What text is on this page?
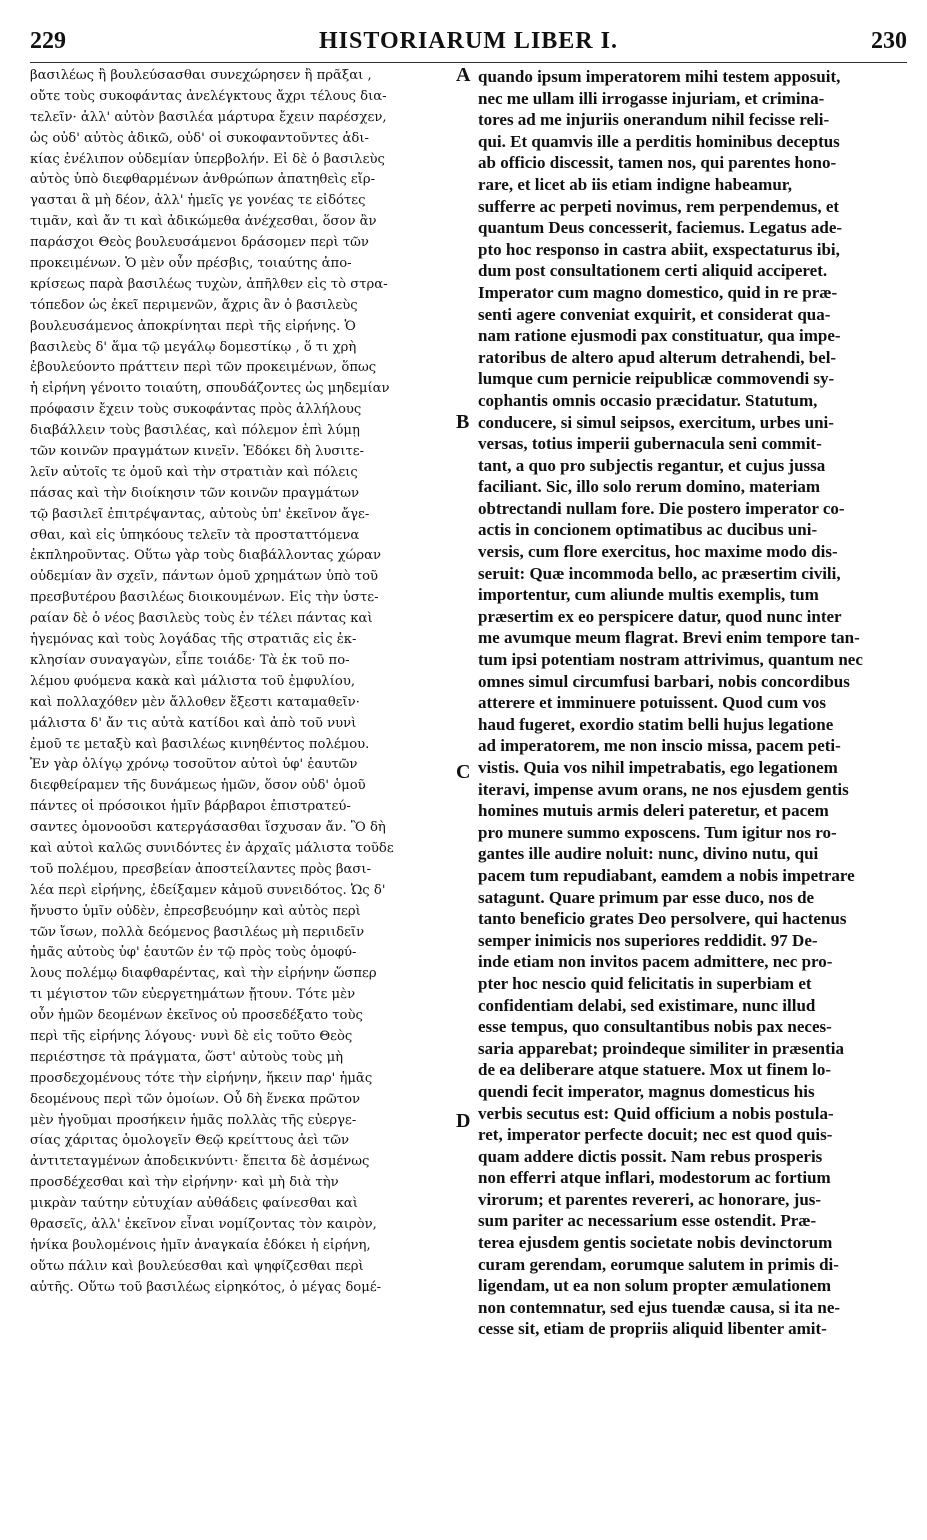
229	HISTORIARUM LIBER I.	230
βασιλέως ἢ βουλεύσασθαι συνεχώρησεν ἢ πρᾶξαι ,
οὔτε τοὺς συκοφάντας ἀνελέγκτους ἄχρι τέλους δια-
τελεῖν· ἀλλ' αὐτὸν βασιλέα μάρτυρα ἔχειν παρέσχεν,
ὡς οὐδ' αὐτὸς ἀδικῶ, οὐδ' οἱ συκοφαντοῦντες ἀδι-
κίας ἐνέλιπον οὐδεμίαν ὑπερβολήν. Εἰ δὲ ὁ βασιλεὺς
αὐτὸς ὑπὸ διεφθαρμένων ἀνθρώπων ἀπατηθεὶς εἴρ-
γασται ἃ μὴ δέον, ἀλλ' ἡμεῖς γε γονέας τε εἰδότες
τιμᾶν, καὶ ἄν τι καὶ ἀδικώμεθα ἀνέχεσθαι, ὅσον ἂν
παράσχοι Θεὸς βουλευσάμενοι δράσομεν περὶ τῶν
προκειμένων. Ὁ μὲν οὖν πρέσβις, τοιαύτης ἀπο-
κρίσεως παρὰ βασιλέως τυχὼν, ἀπῆλθεν εἰς τὸ στρα-
τόπεδον ὡς ἐκεῖ περιμενῶν, ἄχρις ἂν ὁ βασιλεὺς
βουλευσάμενος ἀποκρίνηται περὶ τῆς εἰρήνης. Ὁ
βασιλεὺς δ' ἅμα τῷ μεγάλῳ δομεστίκῳ , ὅ τι χρὴ
ἐβουλεύοντο πράττειν περὶ τῶν προκειμένων, ὅπως
ἡ εἰρήνη γένοιτο τοιαύτη, σπουδάζοντες ὡς μηδεμίαν
πρόφασιν ἔχειν τοὺς συκοφάντας πρὸς ἀλλήλους
διαβάλλειν τοὺς βασιλέας, καὶ πόλεμον ἐπὶ λύμῃ
τῶν κοινῶν πραγμάτων κινεῖν. Ἐδόκει δὴ λυσιτε-
λεῖν αὐτοῖς τε ὁμοῦ καὶ τὴν στρατιὰν καὶ πόλεις
πάσας καὶ τὴν διοίκησιν τῶν κοινῶν πραγμάτων
τῷ βασιλεῖ ἐπιτρέψαντας, αὐτοὺς ὑπ' ἐκεῖνον ἄγε-
σθαι, καὶ εἰς ὑπηκόους τελεῖν τὰ προσταττόμενα
ἐκπληροῦντας. Οὕτω γὰρ τοὺς διαβάλλοντας χώραν
οὐδεμίαν ἂν σχεῖν, πάντων ὁμοῦ χρημάτων ὑπὸ τοῦ
πρεσβυτέρου βασιλέως διοικουμένων. Εἰς τὴν ὑστε-
ραίαν δὲ ὁ νέος βασιλεὺς τοὺς ἐν τέλει πάντας καὶ
ἡγεμόνας καὶ τοὺς λογάδας τῆς στρατιᾶς εἰς ἐκ-
κλησίαν συναγαγὼν, εἶπε τοιάδε· Τὰ ἐκ τοῦ πο-
λέμου φυόμενα κακὰ καὶ μάλιστα τοῦ ἐμφυλίου,
καὶ πολλαχόθεν μὲν ἄλλοθεν ἔξεστι καταμαθεῖν·
μάλιστα δ' ἄν τις αὐτὰ κατίδοι καὶ ἀπὸ τοῦ νυνὶ
ἐμοῦ τε μεταξὺ καὶ βασιλέως κινηθέντος πολέμου.
Ἐν γὰρ ὀλίγῳ χρόνῳ τοσοῦτον αὐτοὶ ὑφ' ἑαυτῶν
διεφθείραμεν τῆς δυνάμεως ἡμῶν, ὅσον οὐδ' ὁμοῦ
πάντες οἱ πρόσοικοι ἡμῖν βάρβαροι ἐπιστρατεύ-
σαντες ὁμονοοῦσι κατεργάσασθαι ἴσχυσαν ἄν. Ὃ δὴ
καὶ αὐτοὶ καλῶς συνιδόντες ἐν ἀρχαῖς μάλιστα τοῦδε
τοῦ πολέμου, πρεσβείαν ἀποστείλαντες πρὸς βασι-
λέα περὶ εἰρήνης, ἐδείξαμεν κἀμοῦ συνειδότος. Ὡς δ'
ἤνυστο ὑμῖν οὐδὲν, ἐπρεσβευόμην καὶ αὐτὸς περὶ
τῶν ἴσων, πολλὰ δεόμενος βασιλέως μὴ περιιδεῖν
ἡμᾶς αὐτοὺς ὑφ' ἑαυτῶν ἐν τῷ πρὸς τοὺς ὁμοφύ-
λους πολέμῳ διαφθαρέντας, καὶ τὴν εἰρήνην ὥσπερ
τι μέγιστον τῶν εὐεργετημάτων ᾔτουν. Τότε μὲν
οὖν ἡμῶν δεομένων ἐκεῖνος οὐ προσεδέξατο τοὺς
περὶ τῆς εἰρήνης λόγους· νυνὶ δὲ εἰς τοῦτο Θεὸς
περιέστησε τὰ πράγματα, ὥστ' αὐτοὺς τοὺς μὴ
προσδεχομένους τότε τὴν εἰρήνην, ἥκειν παρ' ἡμᾶς
δεομένους περὶ τῶν ὁμοίων. Οὗ δὴ ἕνεκα πρῶτον
μὲν ἡγοῦμαι προσήκειν ἡμᾶς πολλὰς τῆς εὐεργε-
σίας χάριτας ὁμολογεῖν Θεῷ κρείττους ἀεὶ τῶν
ἀντιτεταγμένων ἀποδεικνύντι· ἔπειτα δὲ ἀσμένως
προσδέχεσθαι καὶ τὴν εἰρήνην· καὶ μὴ διὰ τὴν
μικρὰν ταύτην εὐτυχίαν αὐθάδεις φαίνεσθαι καὶ
θρασεῖς, ἀλλ' ἐκεῖνον εἶναι νομίζοντας τὸν καιρὸν,
ἡνίκα βουλομένοις ἡμῖν ἀναγκαία ἐδόκει ἡ εἰρήνη,
οὕτω πάλιν καὶ βουλεύεσθαι καὶ ψηφίζεσθαι περὶ
αὐτῆς. Οὕτω τοῦ βασιλέως εἰρηκότος, ὁ μέγας δομέ-
quando ipsum imperatorem mihi testem apposuit,
nec me ullam illi irrogasse injuriam, et crimina-
tores ad me injuriis onerandum nihil fecisse reli-
qui. Et quamvis ille a perditis hominibus deceptus
ab officio discessit, tamen nos, qui parentes hono-
rare, et licet ab iis etiam indigne habeamur,
sufferre ac perpeti novimus, rem perpendemus, et
quantum Deus concesserit, faciemus. Legatus ade-
pto hoc responso in castra abiit, exspectaturus ibi,
dum post consultationem certi aliquid acciperet.
Imperator cum magno domestico, quid in re præ-
senti agere conveniat exquirit, et considerat qua-
nam ratione ejusmodi pax constituatur, qua impe-
ratoribus de altero apud alterum detrahendi, bel-
lumque cum pernicie reipublicæ commovendi sy-
cophantis omnis occasio præcidatur. Statutum,
conducere, si simul seipsos, exercitum, urbes uni-
versas, totius imperii gubernacula seni commit-
tant, a quo pro subjectis regantur, et cujus jussa
faciliant. Sic, illo solo rerum domino, materiam
obtrectandi nullam fore. Die postero imperator co-
actis in concionem optimatibus ac ducibus uni-
versis, cum flore exercitus, hoc maxime modo dis-
seruit: Quæ incommoda bello, ac præsertim civili,
importentur, cum aliunde multis exemplis, tum
præsertim ex eo perspicere datur, quod nunc inter
me avumque meum flagrat. Brevi enim tempore tan-
tum ipsi potentiam nostram attrivimus, quantum nec
omnes simul circumfusi barbari, nobis concordibus
atterere et imminuere potuissent. Quod cum vos
haud fugeret, exordio statim belli hujus legatione
ad imperatorem, me non inscio missa, pacem peti-
vistis. Quia vos nihil impetrabatis, ego legationem
iteravi, impense avum orans, ne nos ejusdem gentis
homines mutuis armis deleri pateretur, et pacem
pro munere summo exposcens. Tum igitur nos ro-
gantes ille audire noluit: nunc, divino nutu, qui
pacem tum repudiabant, eamdem a nobis impetrare
satagunt. Quare primum par esse duco, nos de
tanto beneficio grates Deo persolvere, qui hactenus
semper inimicis nos superiores reddidit. 97 De-
inde etiam non invitos pacem admittere, nec pro-
pter hoc nescio quid felicitatis in superbiam et
confidentiam delabi, sed existimare, nunc illud
esse tempus, quo consultantibus nobis pax neces-
saria apparebat; proindeque similiter in præsentia
de ea deliberare atque statuere. Mox ut finem lo-
quendi fecit imperator, magnus domesticus his
verbis secutus est: Quid officium a nobis postula-
ret, imperator perfecte docuit; nec est quod quis-
quam addere dictis possit. Nam rebus prosperis
non efferri atque inflari, modestorum ac fortium
virorum; et parentes revereri, ac honorare, jus-
sum pariter ac necessarium esse ostendit. Præ-
terea ejusdem gentis societate nobis devinctorum
curam gerendam, eorumque salutem in primis di-
ligendam, ut ea non solum propter æmulationem
non contemnatur, sed ejus tuendæ causa, si ita ne-
cesse sit, etiam de propriis aliquid libenter amit-
A
B
C
D
